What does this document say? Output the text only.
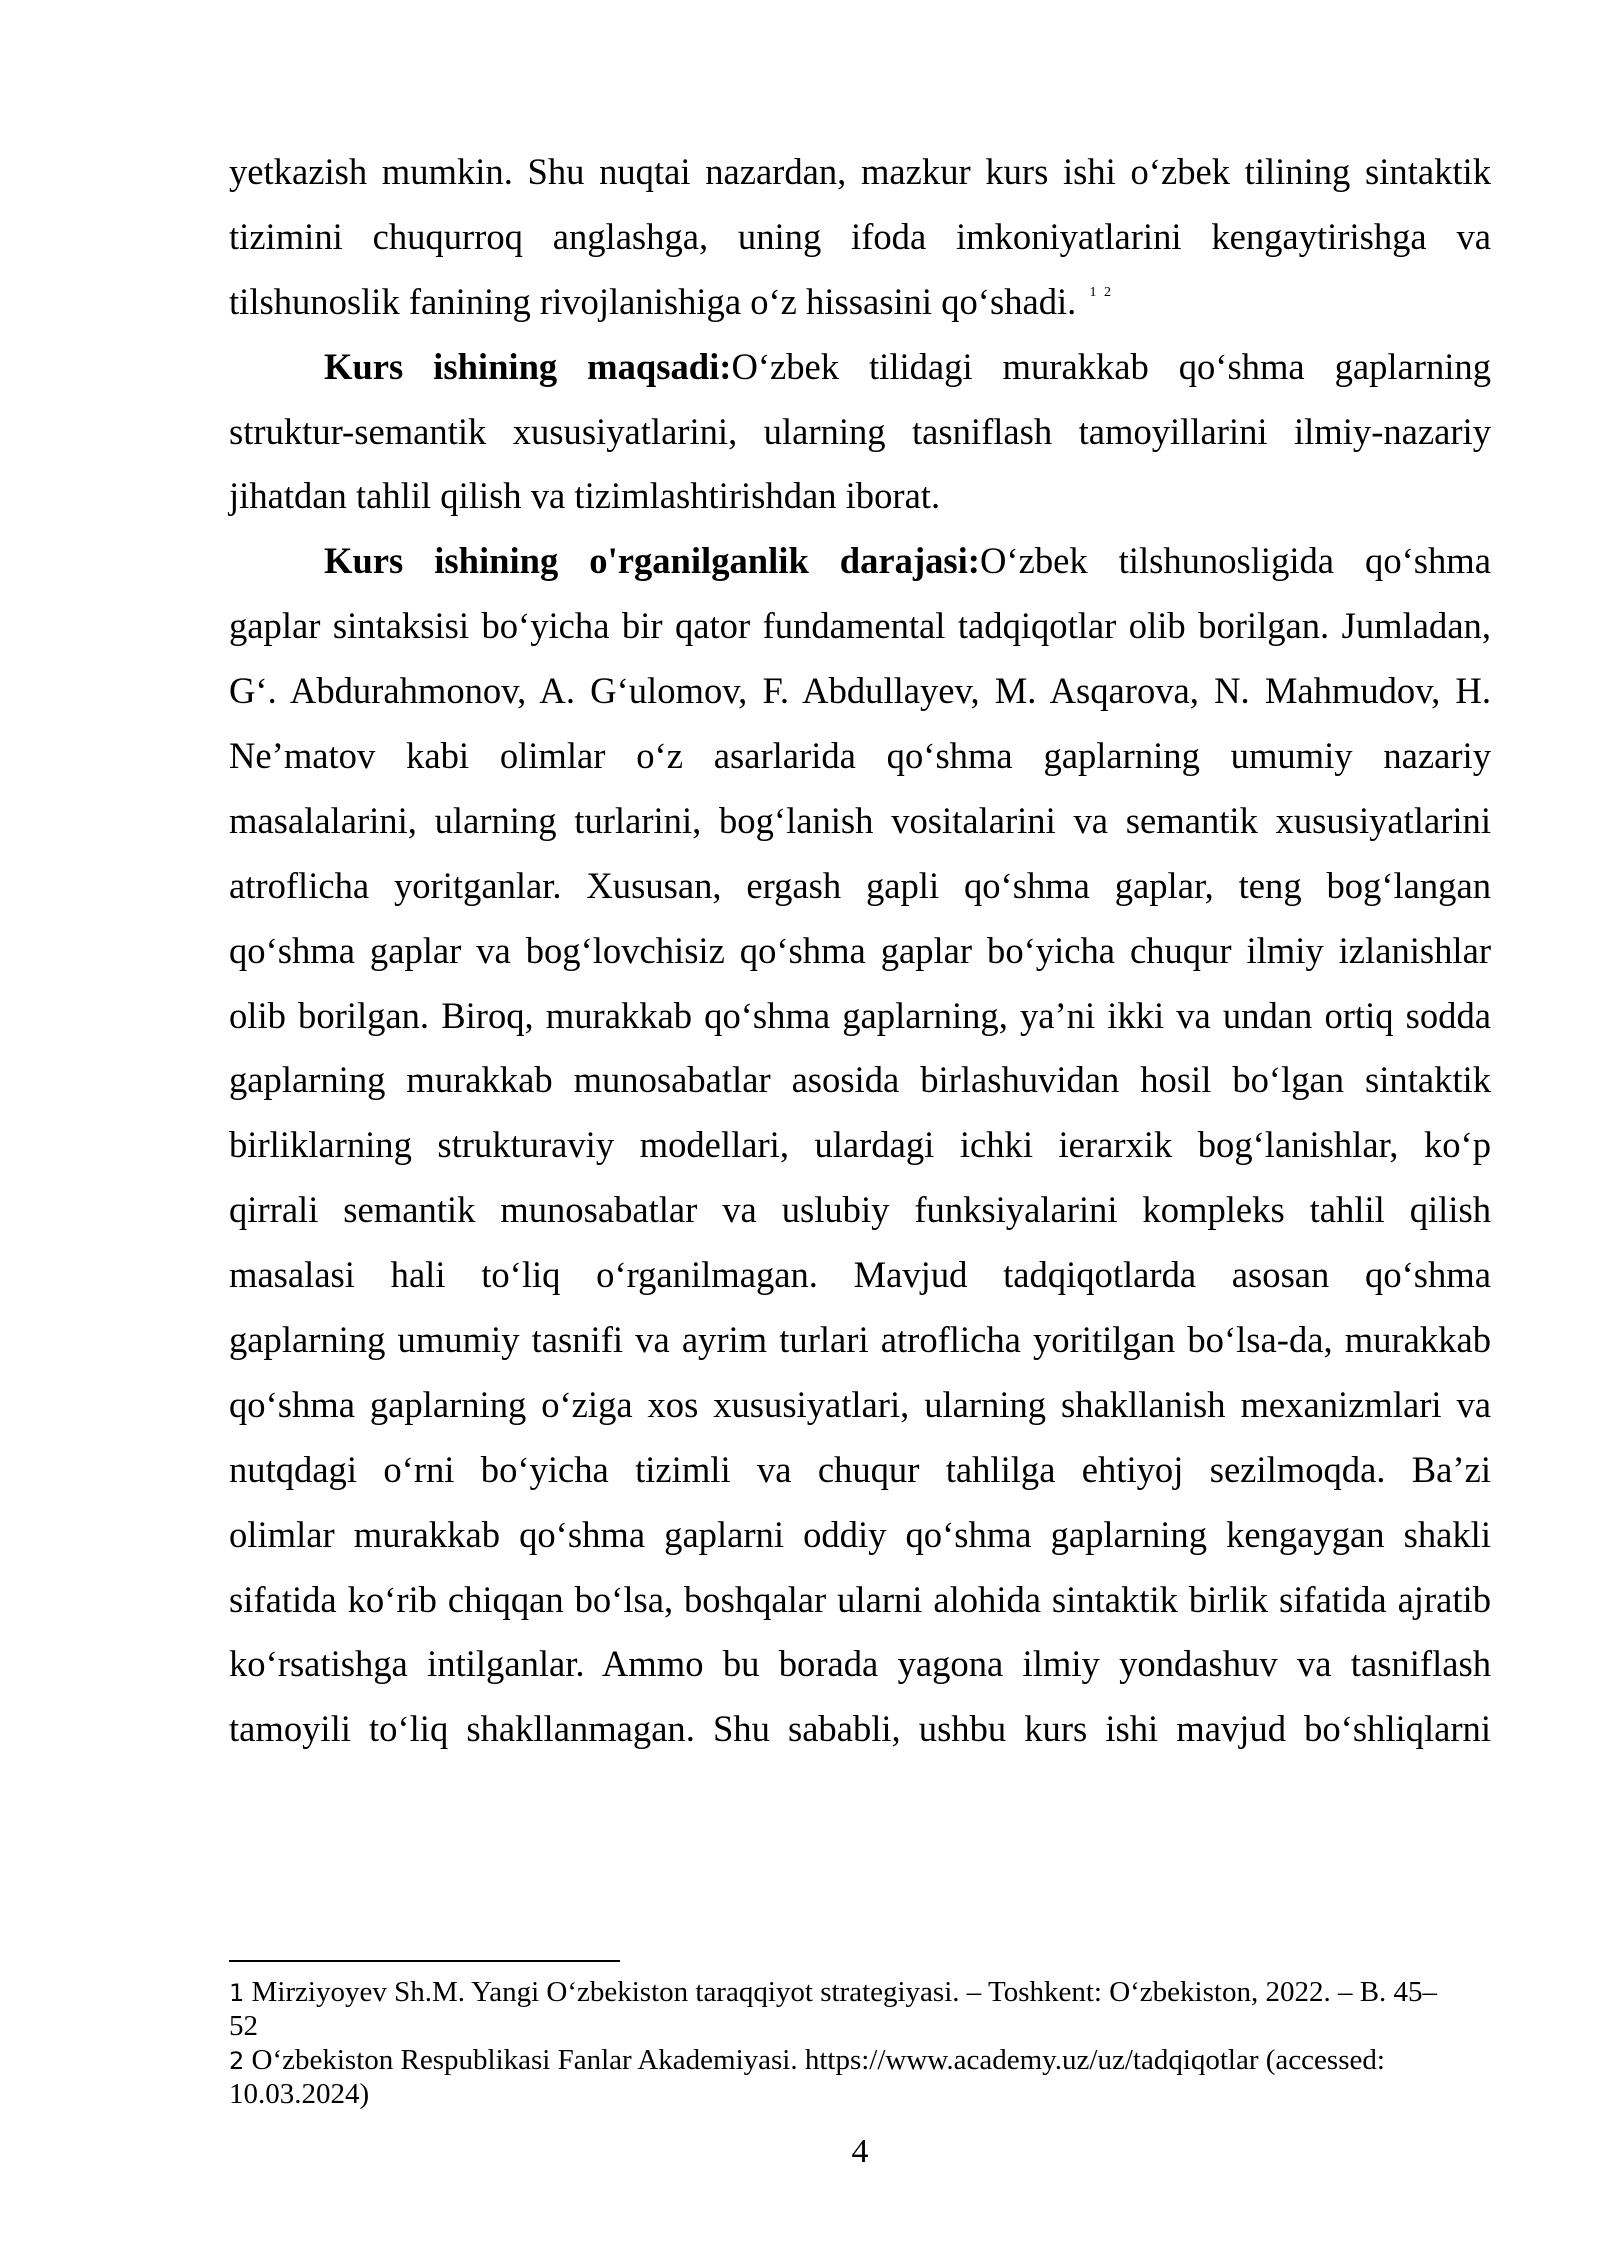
yetkazish mumkin. Shu nuqtai nazardan, mazkur kurs ishi o‘zbek tilining sintaktik
tizimini chuqurroq anglashga, uning ifoda imkoniyatlarini kengaytirishga va
tilshunoslik fanining rivojlanishiga o‘z hissasini qo‘shadi. $^{1 2}$
Kurs ishining maqsadi:O‘zbek tilidagi murakkab qo‘shma gaplarning
struktur-semantik xususiyatlarini, ularning tasniflash tamoyillarini ilmiy-nazariy
jihatdan tahlil qilish va tizimlashtirishdan iborat.
Kurs ishining o'rganilganlik darajasi:O‘zbek tilshunosligida qo‘shma
gaplar sintaksisi bo‘yicha bir qator fundamental tadqiqotlar olib borilgan. Jumladan,
G‘. Abdurahmonov, A. G‘ulomov, F. Abdullayev, M. Asqarova, N. Mahmudov, H.
Ne’matov kabi olimlar o‘z asarlarida qo‘shma gaplarning umumiy nazariy
masalalarini, ularning turlarini, bog‘lanish vositalarini va semantik xususiyatlarini
atroflicha yoritganlar. Xususan, ergash gapli qo‘shma gaplar, teng bog‘langan
qo‘shma gaplar va bog‘lovchisiz qo‘shma gaplar bo‘yicha chuqur ilmiy izlanishlar
olib borilgan. Biroq, murakkab qo‘shma gaplarning, ya’ni ikki va undan ortiq sodda
gaplarning murakkab munosabatlar asosida birlashuvidan hosil bo‘lgan sintaktik
birliklarning strukturaviy modellari, ulardagi ichki ierarxik bog‘lanishlar, ko‘p
qirrali semantik munosabatlar va uslubiy funksiyalarini kompleks tahlil qilish
masalasi hali to‘liq o‘rganilmagan. Mavjud tadqiqotlarda asosan qo‘shma
gaplarning umumiy tasnifi va ayrim turlari atroflicha yoritilgan bo‘lsa-da, murakkab
qo‘shma gaplarning o‘ziga xos xususiyatlari, ularning shakllanish mexanizmlari va
nutqdagi o‘rni bo‘yicha tizimli va chuqur tahlilga ehtiyoj sezilmoqda. Ba’zi
olimlar murakkab qo‘shma gaplarni oddiy qo‘shma gaplarning kengaygan shakli
sifatida ko‘rib chiqqan bo‘lsa, boshqalar ularni alohida sintaktik birlik sifatida ajratib
ko‘rsatishga intilganlar. Ammo bu borada yagona ilmiy yondashuv va tasniflash
tamoyili to‘liq shakllanmagan. Shu sababli, ushbu kurs ishi mavjud bo‘shliqlarni
1 Mirziyoyev Sh.M. Yangi O‘zbekiston taraqqiyot strategiyasi. – Toshkent: O‘zbekiston, 2022. – B. 45–
52
2 O‘zbekiston Respublikasi Fanlar Akademiyasi. https://www.academy.uz/uz/tadqiqotlar (accessed:
10.03.2024)
4
